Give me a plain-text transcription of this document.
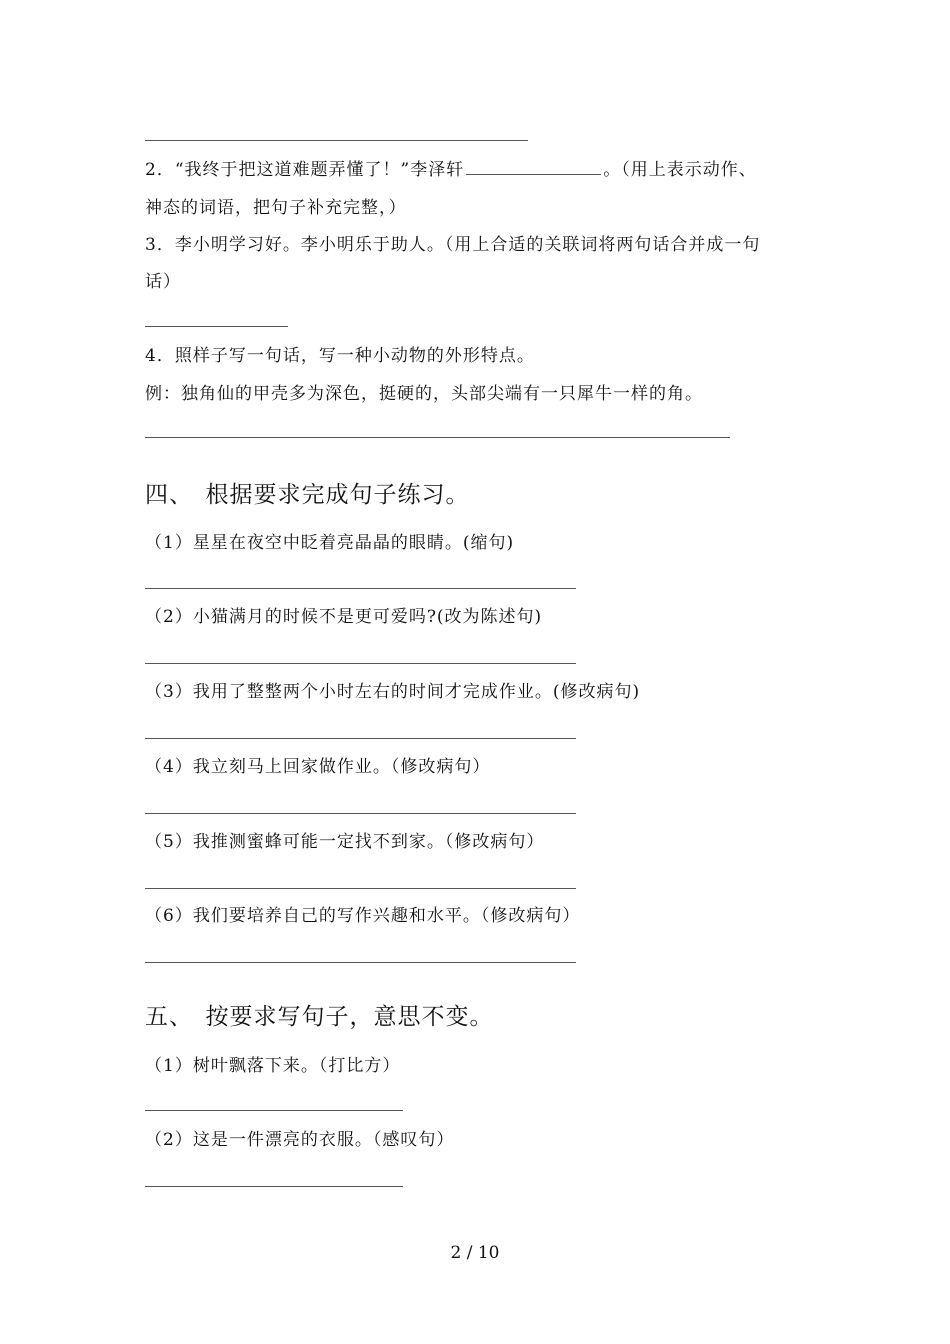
2．“我终于把这道难题弄懂了！”李泽轩	。（用上表示动作、
神态的词语，把句子补充完整，）
3．李小明学习好。李小明乐于助人。（用上合适的关联词将两句话合并成一句
话）
4．照样子写一句话，写一种小动物的外形特点。
例：独角仙的甲壳多为深色，挺硬的，头部尖端有一只犀牛一样的角。
四、　根据要求完成句子练习。
（1）星星在夜空中眨着亮晶晶的眼睛。(缩句)
（2）小猫满月的时候不是更可爱吗?(改为陈述句)
（3）我用了整整两个小时左右的时间才完成作业。(修改病句)
（4）我立刻马上回家做作业。（修改病句）
（5）我推测蜜蜂可能一定找不到家。（修改病句）
（6）我们要培养自己的写作兴趣和水平。（修改病句）
五、　按要求写句子，意思不变。
（1）树叶飘落下来。（打比方）
（2）这是一件漂亮的衣服。（感叹句）
2 / 10
